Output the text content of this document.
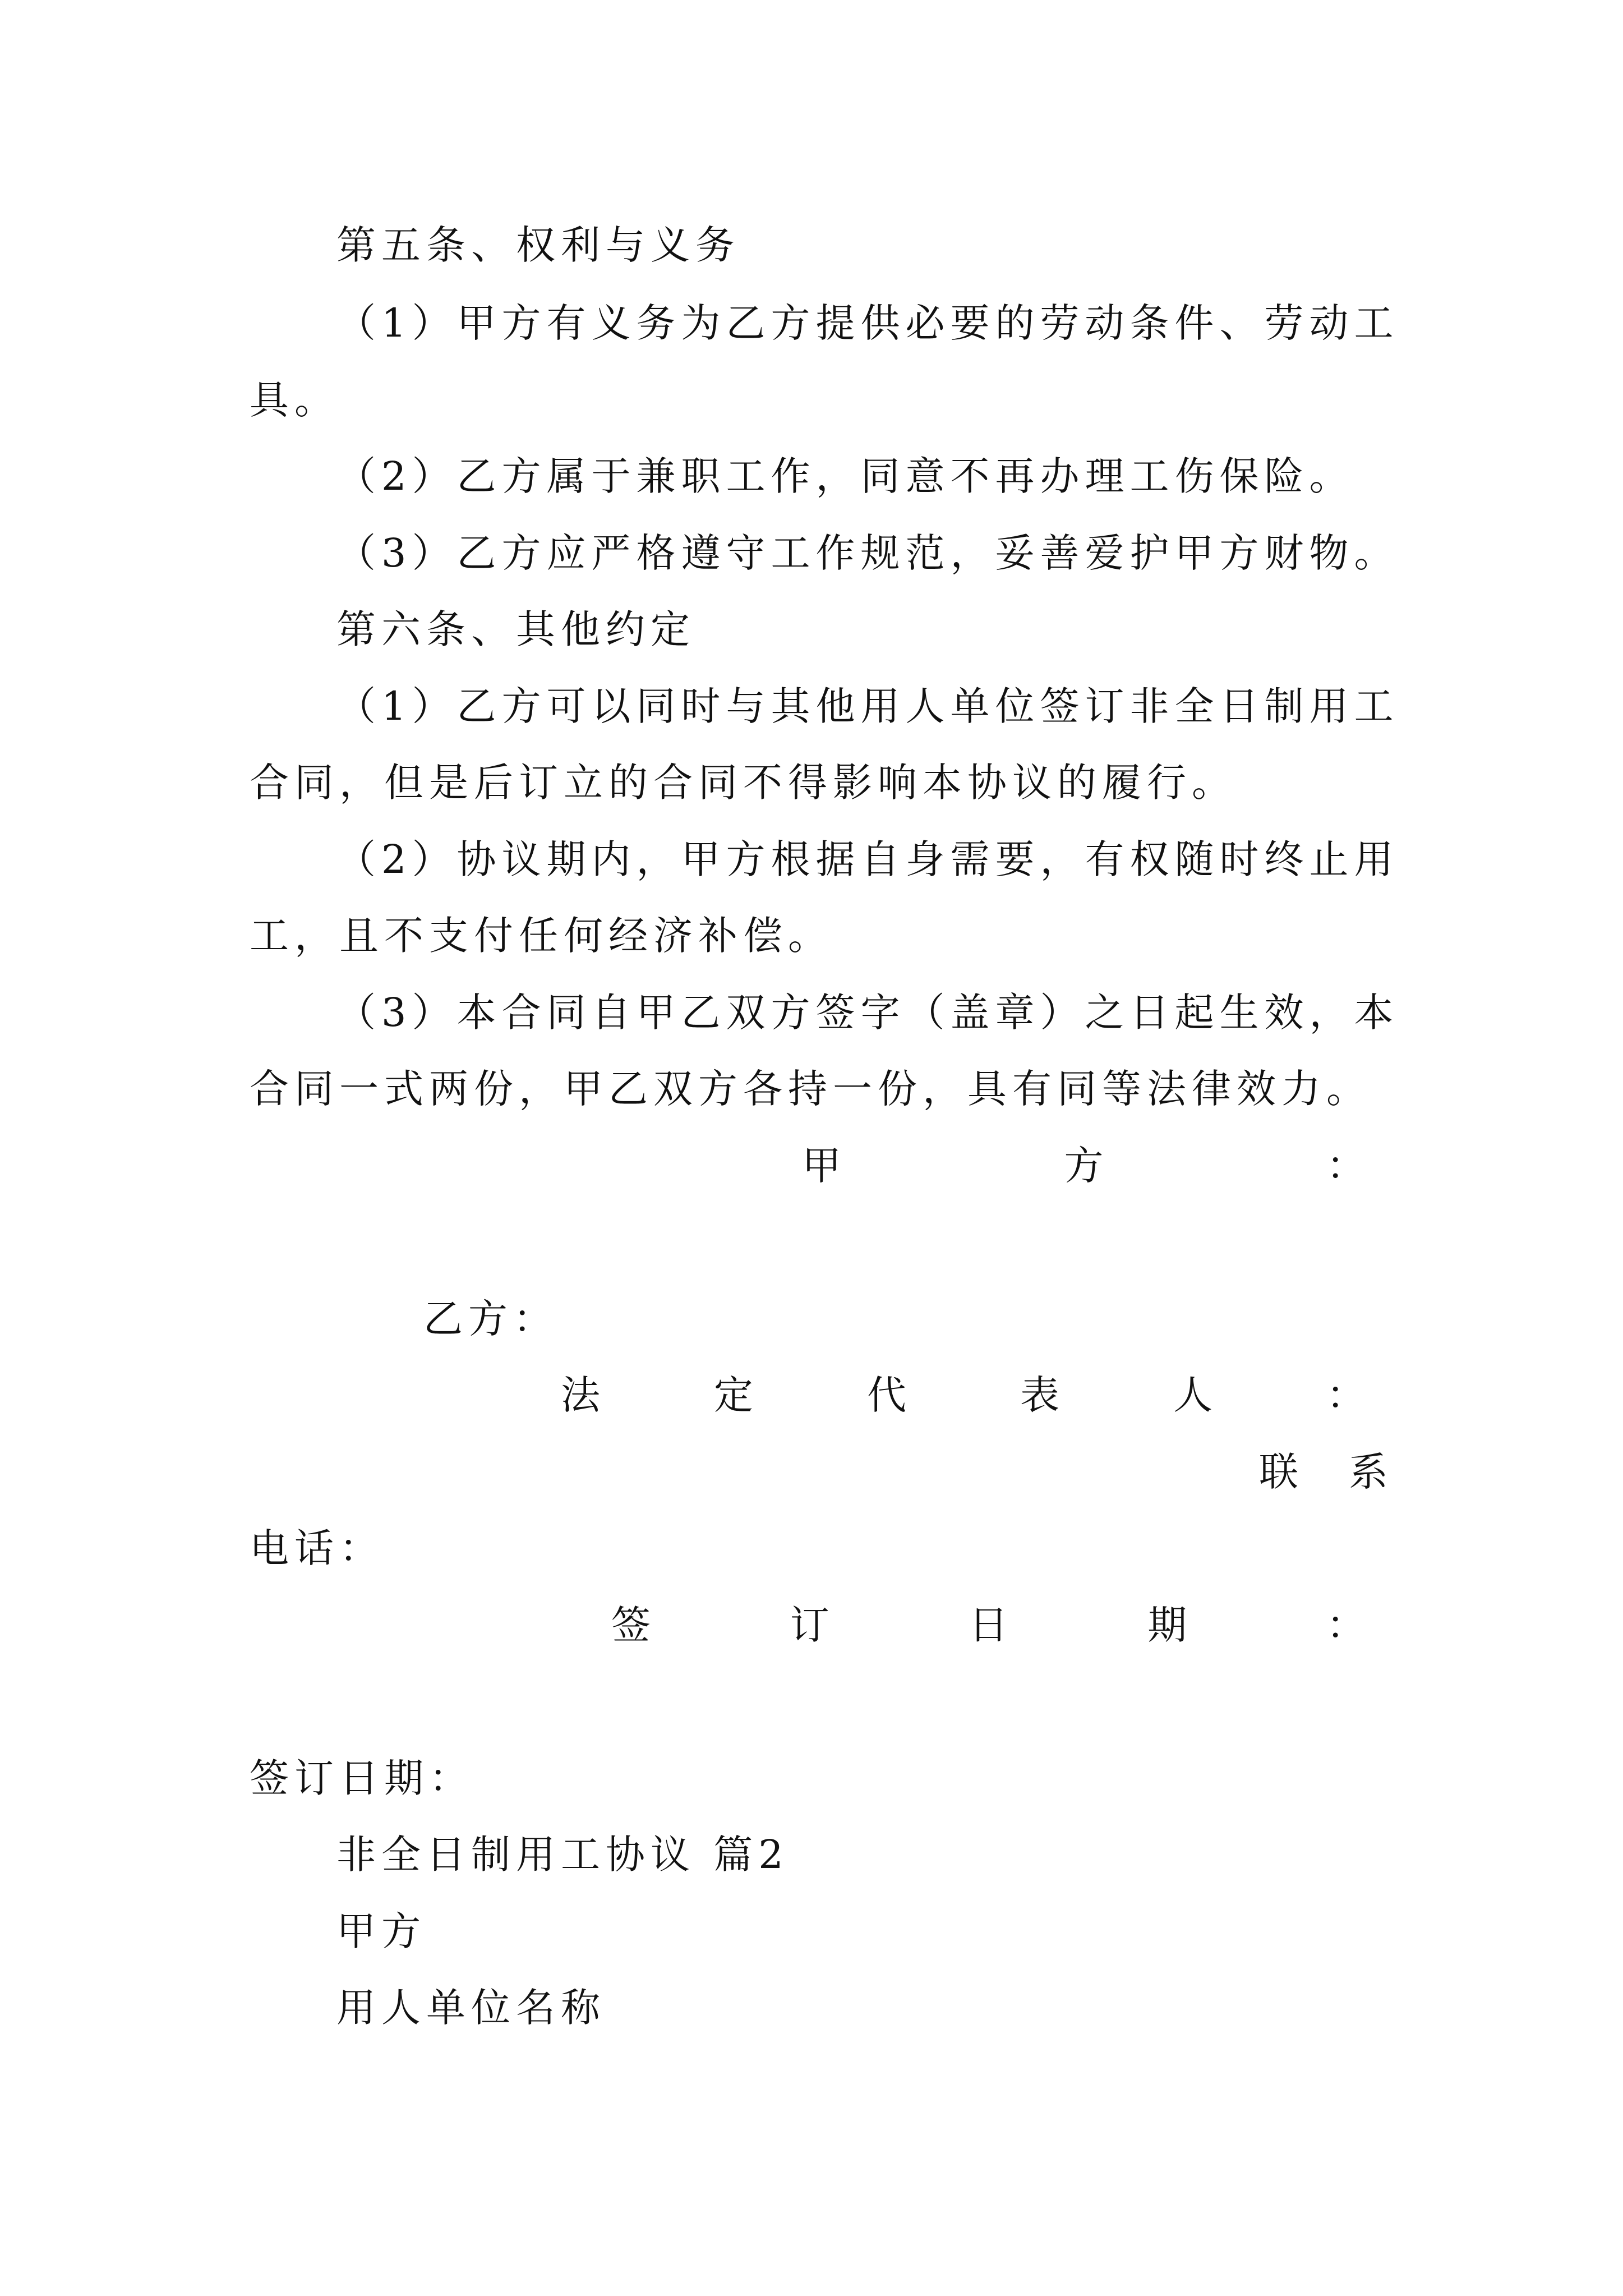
第五条、权利与义务
（1）甲方有义务为乙方提供必要的劳动条件、劳动工
具。
（2）乙方属于兼职工作，同意不再办理工伤保险。
（3）乙方应严格遵守工作规范，妥善爱护甲方财物。
第六条、其他约定
（1）乙方可以同时与其他用人单位签订非全日制用工
合同，但是后订立的合同不得影响本协议的履行。
（2）协议期内，甲方根据自身需要，有权随时终止用
工，且不支付任何经济补偿。
（3）本合同自甲乙双方签字（盖章）之日起生效，本
合同一式两份，甲乙双方各持一份，具有同等法律效力。
甲	方	：
乙方：
法	定	代	表	人	：
联 系
电话：
签	订	日	期	：
签订日期：
非全日制用工协议 篇2
甲方
用人单位名称
